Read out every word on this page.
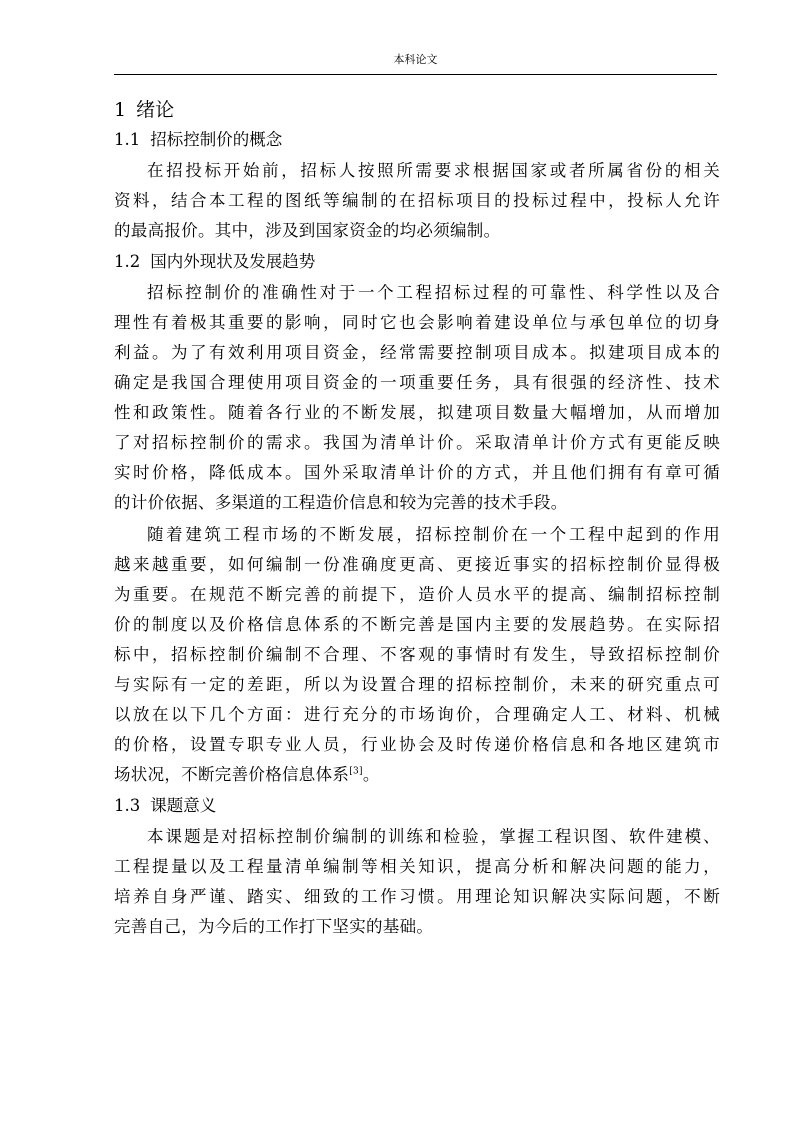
本科论文
1 绪论
1.1 招标控制价的概念
在招投标开始前，招标人按照所需要求根据国家或者所属省份的相关
资料，结合本工程的图纸等编制的在招标项目的投标过程中，投标人允许
的最高报价。其中，涉及到国家资金的均必须编制。
1.2 国内外现状及发展趋势
招标控制价的准确性对于一个工程招标过程的可靠性、科学性以及合
理性有着极其重要的影响，同时它也会影响着建设单位与承包单位的切身
利益。为了有效利用项目资金，经常需要控制项目成本。拟建项目成本的
确定是我国合理使用项目资金的一项重要任务，具有很强的经济性、技术
性和政策性。随着各行业的不断发展，拟建项目数量大幅增加，从而增加
了对招标控制价的需求。我国为清单计价。采取清单计价方式有更能反映
实时价格，降低成本。国外采取清单计价的方式，并且他们拥有有章可循
的计价依据、多渠道的工程造价信息和较为完善的技术手段。
随着建筑工程市场的不断发展，招标控制价在一个工程中起到的作用
越来越重要，如何编制一份准确度更高、更接近事实的招标控制价显得极
为重要。在规范不断完善的前提下，造价人员水平的提高、编制招标控制
价的制度以及价格信息体系的不断完善是国内主要的发展趋势。在实际招
标中，招标控制价编制不合理、不客观的事情时有发生，导致招标控制价
与实际有一定的差距，所以为设置合理的招标控制价，未来的研究重点可
以放在以下几个方面：进行充分的市场询价，合理确定人工、材料、机械
的价格，设置专职专业人员，行业协会及时传递价格信息和各地区建筑市
场状况，不断完善价格信息体系[3]。
1.3 课题意义
本课题是对招标控制价编制的训练和检验，掌握工程识图、软件建模、
工程提量以及工程量清单编制等相关知识，提高分析和解决问题的能力，
培养自身严谨、踏实、细致的工作习惯。用理论知识解决实际问题，不断
完善自己，为今后的工作打下坚实的基础。
